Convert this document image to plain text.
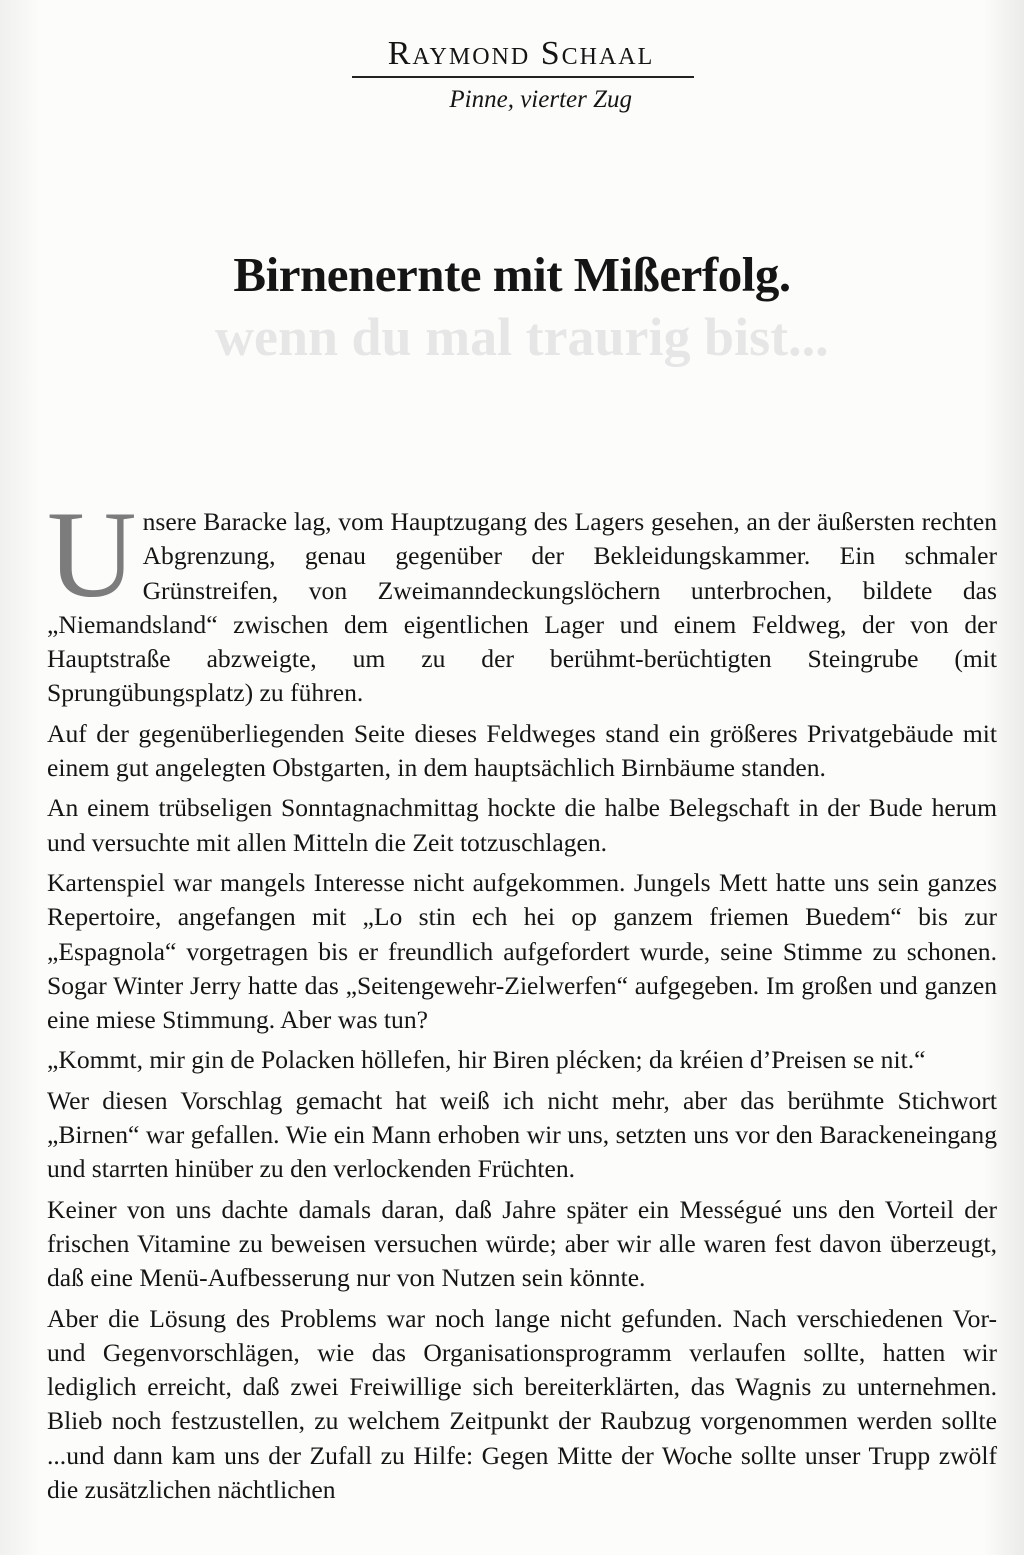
Raymond Schaal
Pinne, vierter Zug
wenn du mal traurig bist...
Birnenernte mit Mißerfolg.

Unsere Baracke lag, vom Hauptzugang des Lagers gesehen, an der äußersten rechten Abgrenzung, genau gegenüber der Bekleidungskammer. Ein schmaler Grünstreifen, von Zweimanndeckungslöchern unterbrochen, bildete das „Niemandsland“ zwischen dem eigentlichen Lager und einem Feldweg, der von der Hauptstraße abzweigte, um zu der berühmt-berüchtigten Steingrube (mit Sprungübungsplatz) zu führen.

Auf der gegenüberliegenden Seite dieses Feldweges stand ein größeres Privatgebäude mit einem gut angelegten Obstgarten, in dem hauptsächlich Birnbäume standen.

An einem trübseligen Sonntagnachmittag hockte die halbe Belegschaft in der Bude herum und versuchte mit allen Mitteln die Zeit totzuschlagen.

Kartenspiel war mangels Interesse nicht aufgekommen. Jungels Mett hatte uns sein ganzes Repertoire, angefangen mit „Lo stin ech hei op ganzem friemen Buedem“ bis zur „Espagnola“ vorgetragen bis er freundlich aufgefordert wurde, seine Stimme zu schonen. Sogar Winter Jerry hatte das „Seitengewehr-Zielwerfen“ aufgegeben. Im großen und ganzen eine miese Stimmung. Aber was tun?

„Kommt, mir gin de Polacken höllefen, hir Biren plécken; da kréien d’Preisen se nit.“

Wer diesen Vorschlag gemacht hat weiß ich nicht mehr, aber das berühmte Stichwort „Birnen“ war gefallen. Wie ein Mann erhoben wir uns, setzten uns vor den Barackeneingang und starrten hinüber zu den verlockenden Früchten.

Keiner von uns dachte damals daran, daß Jahre später ein Mességué uns den Vorteil der frischen Vitamine zu beweisen versuchen würde; aber wir alle waren fest davon überzeugt, daß eine Menü-Aufbesserung nur von Nutzen sein könnte.

Aber die Lösung des Problems war noch lange nicht gefunden. Nach verschiedenen Vor- und Gegenvorschlägen, wie das Organisationsprogramm verlaufen sollte, hatten wir lediglich erreicht, daß zwei Freiwillige sich bereiterklärten, das Wagnis zu unternehmen. Blieb noch festzustellen, zu welchem Zeitpunkt der Raubzug vorgenommen werden sollte ...und dann kam uns der Zufall zu Hilfe: Gegen Mitte der Woche sollte unser Trupp zwölf die zusätzlichen nächtlichen
